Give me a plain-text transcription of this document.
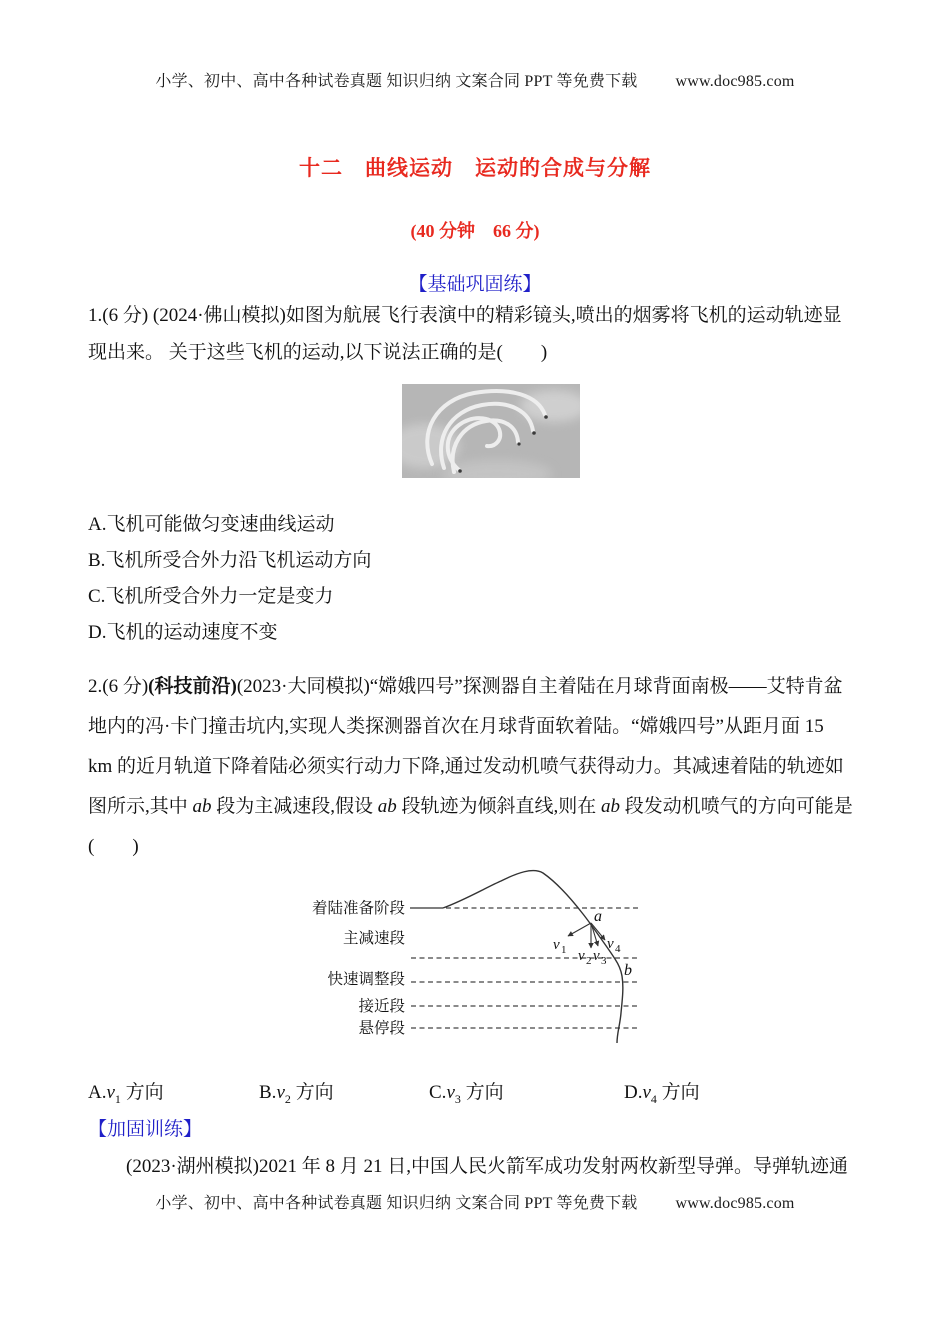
小学、初中、高中各种试卷真题 知识归纳 文案合同 PPT 等免费下载 www.doc985.com
十二　曲线运动　运动的合成与分解
(40 分钟　66 分)
【基础巩固练】
1.(6 分) (2024·佛山模拟)如图为航展飞行表演中的精彩镜头,喷出的烟雾将飞机的运动轨迹显
现出来。 关于这些飞机的运动,以下说法正确的是(　　)
A.飞机可能做匀变速曲线运动
B.飞机所受合外力沿飞机运动方向
C.飞机所受合外力一定是变力
D.飞机的运动速度不变
2.(6 分)(科技前沿)(2023·大同模拟)“嫦娥四号”探测器自主着陆在月球背面南极——艾特肯盆
地内的冯·卡门撞击坑内,实现人类探测器首次在月球背面软着陆。“嫦娥四号”从距月面 15
km 的近月轨道下降着陆必须实行动力下降,通过发动机喷气获得动力。其减速着陆的轨迹如
图所示,其中 ab 段为主减速段,假设 ab 段轨迹为倾斜直线,则在 ab 段发动机喷气的方向可能是
(　　)
着陆准备阶段
主减速段
快速调整段
接近段
悬停段
a
b
v 1 v 2 v 3
v 4
$A.v_1$ 方向	$B.v_2$ 方向	$C.v_3$ 方向	$D.v_4$ 方向
【加固训练】
(2023·湖州模拟)2021 年 8 月 21 日,中国人民火箭军成功发射两枚新型导弹。导弹轨迹通
小学、初中、高中各种试卷真题 知识归纳 文案合同 PPT 等免费下载 www.doc985.com
